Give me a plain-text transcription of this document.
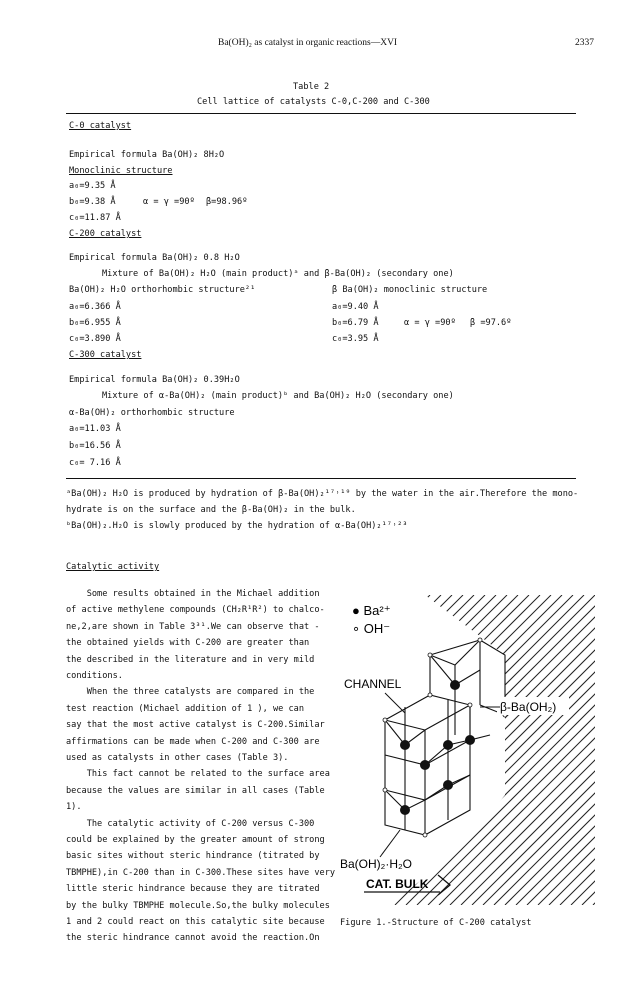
Ba(OH)₂ as catalyst in organic reactions—XVI	2337
Table 2
Cell lattice of catalysts C-0,C-200 and C-300
C-0 catalyst
Empirical formula Ba(OH)₂ 8H₂O
Monoclinic structure
a₀=9.35 Å
b₀=9.38 Å	α = γ =90º β=98.96º
c₀=11.87 Å
C-200 catalyst
Empirical formula Ba(OH)₂ 0.8 H₂O
Mixture of Ba(OH)₂ H₂O (main product)ᵃ and β-Ba(OH)₂ (secondary one)
Ba(OH)₂ H₂O orthorhombic structure²¹	β Ba(OH)₂ monoclinic structure
a₀=6.366 Å	a₀=9.40 Å
b₀=6.955 Å	b₀=6.79 Å	α = γ =90º β =97.6º
c₀=3.890 Å	c₀=3.95 Å
C-300 catalyst
Empirical formula Ba(OH)₂ 0.39H₂O
Mixture of α-Ba(OH)₂ (main product)ᵇ and Ba(OH)₂ H₂O (secondary one)
α-Ba(OH)₂ orthorhombic structure
a₀=11.03 Å
b₀=16.56 Å
c₀= 7.16 Å
ᵃBa(OH)₂ H₂O is produced by hydration of β-Ba(OH)₂¹⁷˒¹⁹ by the water in the air.Therefore the mono-
hydrate is on the surface and the β-Ba(OH)₂ in the bulk.
ᵇBa(OH)₂.H₂O is slowly produced by the hydration of α-Ba(OH)₂¹⁷˒²³
Catalytic activity
Some results obtained in the Michael addition
of active methylene compounds (CH₂R¹R²) to chalco-
ne,2,are shown in Table 3³¹.We can observe that -
the obtained yields with C-200 are greater than
the described in the literature and in very mild
conditions.
When the three catalysts are compared in the
test reaction (Michael addition of 1 ), we can
say that the most active catalyst is C-200.Similar
affirmations can be made when C-200 and C-300 are
used as catalysts in other cases (Table 3).
This fact cannot be related to the surface area
because the values are similar in all cases (Table
1).
The catalytic activity of C-200 versus C-300
could be explained by the greater amount of strong
basic sites without steric hindrance (titrated by
TBMPHE),in C-200 than in C-300.These sites have very
little steric hindrance because they are titrated
by the bulky TBMPHE molecule.So,the bulky molecules
1 and 2 could react on this catalytic site because
the steric hindrance cannot avoid the reaction.On
● Ba²⁺
∘ OH⁻
CHANNEL
β-Ba(OH₂)
Ba(OH)₂·H₂O
CAT. BULK
Figure 1.-Structure of C-200 catalyst
